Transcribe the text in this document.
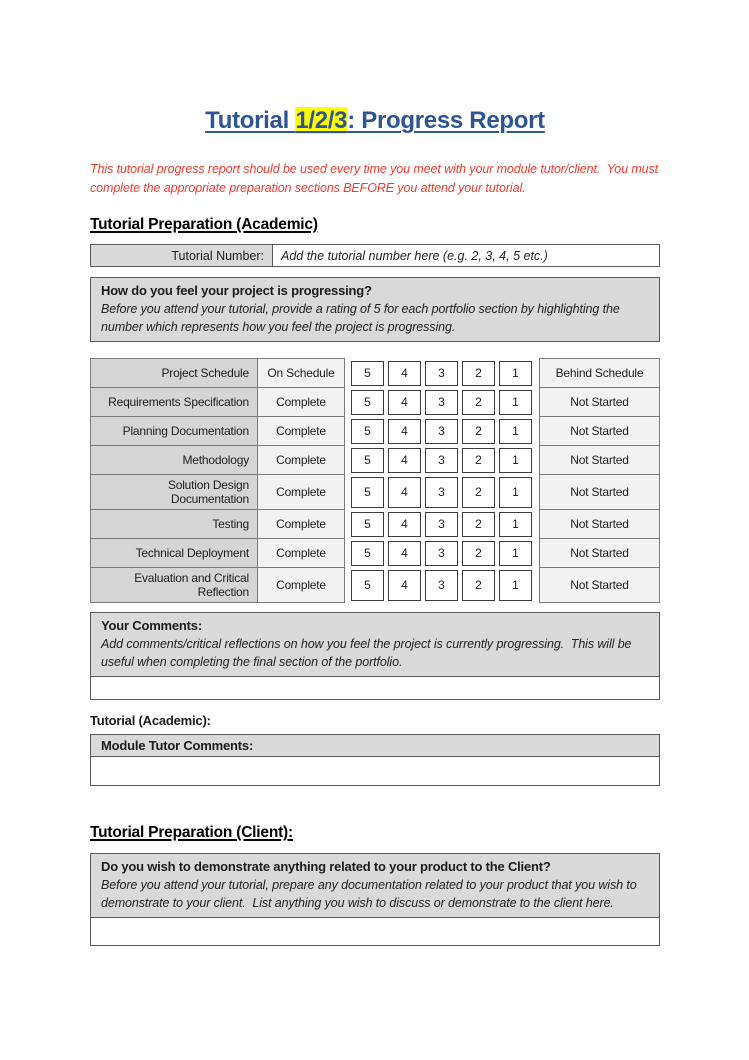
Tutorial 1/2/3: Progress Report

This tutorial progress report should be used every time you meet with your module tutor/client.  You must complete the appropriate preparation sections BEFORE you attend your tutorial.

Tutorial Preparation (Academic)
Tutorial Number:	Add the tutorial number here (e.g. 2, 3, 4, 5 etc.)
How do you feel your project is progressing?
Before you attend your tutorial, provide a rating of 5 for each portfolio section by highlighting the number which represents how you feel the project is progressing.
Project Schedule	On Schedule	5	4	3	2	1	Behind Schedule
Requirements Specification	Complete	5	4	3	2	1	Not Started
Planning Documentation	Complete	5	4	3	2	1	Not Started
Methodology	Complete	5	4	3	2	1	Not Started
Solution Design Documentation	Complete	5	4	3	2	1	Not Started
Testing	Complete	5	4	3	2	1	Not Started
Technical Deployment	Complete	5	4	3	2	1	Not Started
Evaluation and Critical Reflection	Complete	5	4	3	2	1	Not Started
Your Comments:
Add comments/critical reflections on how you feel the project is currently progressing.  This will be useful when completing the final section of the portfolio.
Tutorial (Academic):
Module Tutor Comments:
Tutorial Preparation (Client):
Do you wish to demonstrate anything related to your product to the Client?
Before you attend your tutorial, prepare any documentation related to your product that you wish to demonstrate to your client.  List anything you wish to discuss or demonstrate to the client here.
